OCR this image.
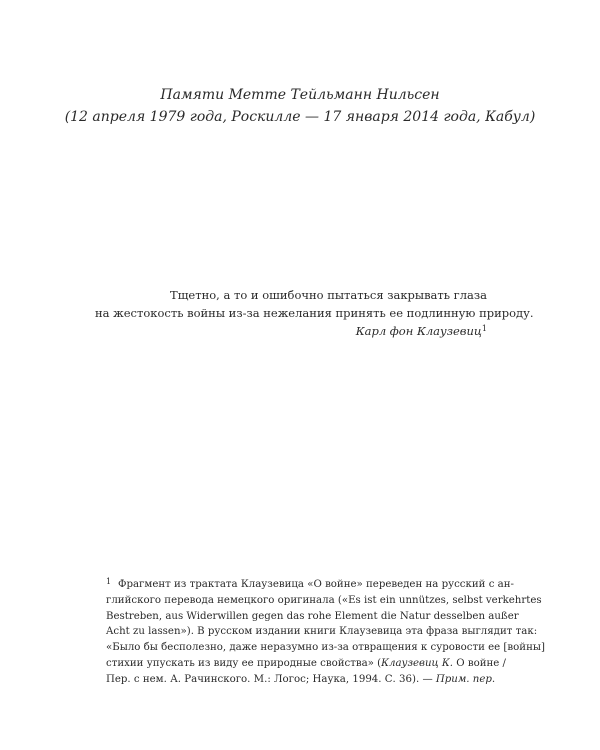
Памяти Метте Тейльманн Нильсен
(12 апреля 1979 года, Роскилле — 17 января 2014 года, Кабул)
Тщетно, а то и ошибочно пытаться закрывать глаза
на жестокость войны из-за нежелания принять ее подлинную природу.
Карл фон Клаузевиц$^1$
1 Фрагмент из трактата Клаузевица «О войне» переведен на русский с ан-
глийского перевода немецкого оригинала («Es ist ein unnützes, selbst verkehrtes
Bestreben, aus Widerwillen gegen das rohe Element die Natur desselben außer
Acht zu lassen»). В русском издании книги Клаузевица эта фраза выглядит так:
«Было бы бесполезно, даже неразумно из-за отвращения к суровости ее [войны]
стихии упускать из виду ее природные свойства» (Клаузевиц К. О войне /
Пер. с нем. А. Рачинского. М.: Логос; Наука, 1994. С. 36). — Прим. пер.
